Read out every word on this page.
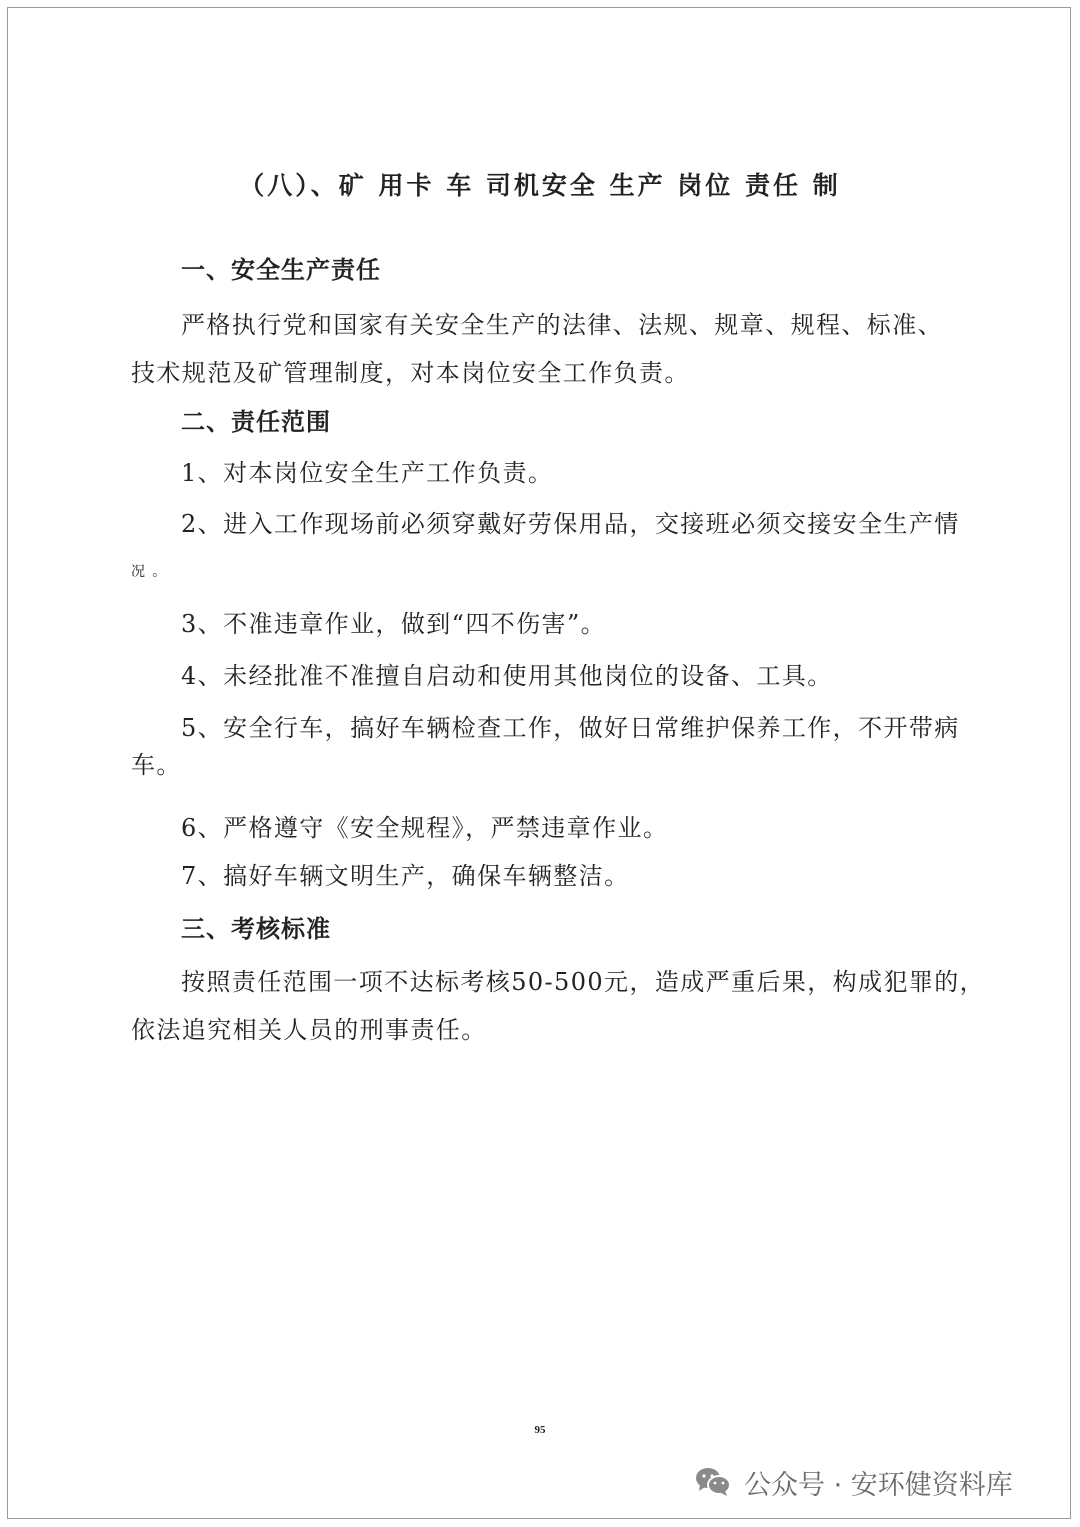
（八）、矿 用卡 车 司机安全 生产 岗位 责任 制
一、安全生产责任
严格执行党和国家有关安全生产的法律、法规、规章、规程、标准、
技术规范及矿管理制度，对本岗位安全工作负责。
二、责任范围
1、对本岗位安全生产工作负责。
2、进入工作现场前必须穿戴好劳保用品，交接班必须交接安全生产情
况 。
3、不准违章作业，做到“四不伤害”。
4、未经批准不准擅自启动和使用其他岗位的设备、工具。
5、安全行车，搞好车辆检查工作，做好日常维护保养工作，不开带病
车。
6、严格遵守《安全规程》，严禁违章作业。
7、搞好车辆文明生产，确保车辆整洁。
三、考核标准
按照责任范围一项不达标考核50-500元，造成严重后果，构成犯罪的，
依法追究相关人员的刑事责任。
95
公众号 · 安环健资料库
